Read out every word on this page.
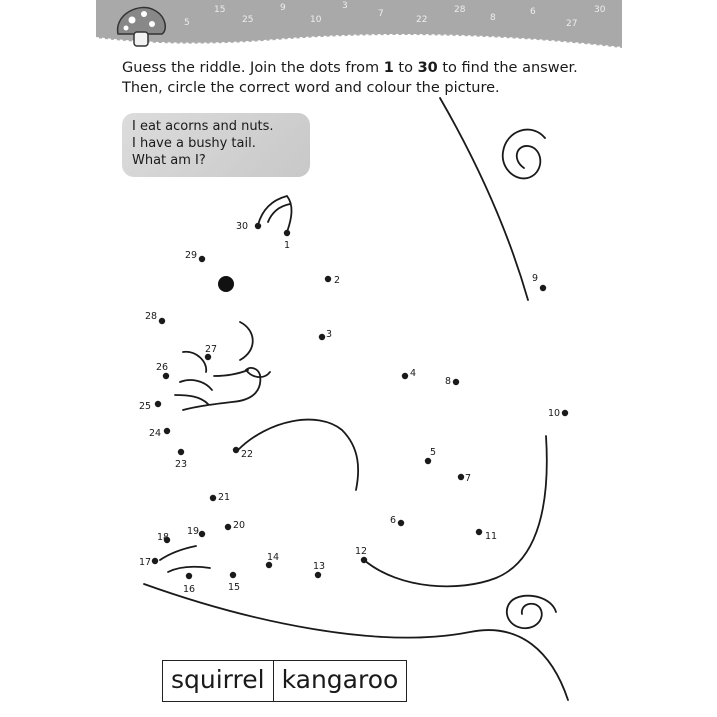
5
15
25
9
10
3
7
22
28
8
6
27
30
Guess the riddle. Join the dots from 1 to 30 to find the answer.
Then, circle the correct word and colour the picture.
I eat acorns and nuts.
I have a bushy tail.
What am I?
1
2
3
4
5
6
7
8
9
10
11
12
13
14
15
16
17
18
19
20
21
22
23
24
25
26
27
28
29
30
squirrel kangaroo
